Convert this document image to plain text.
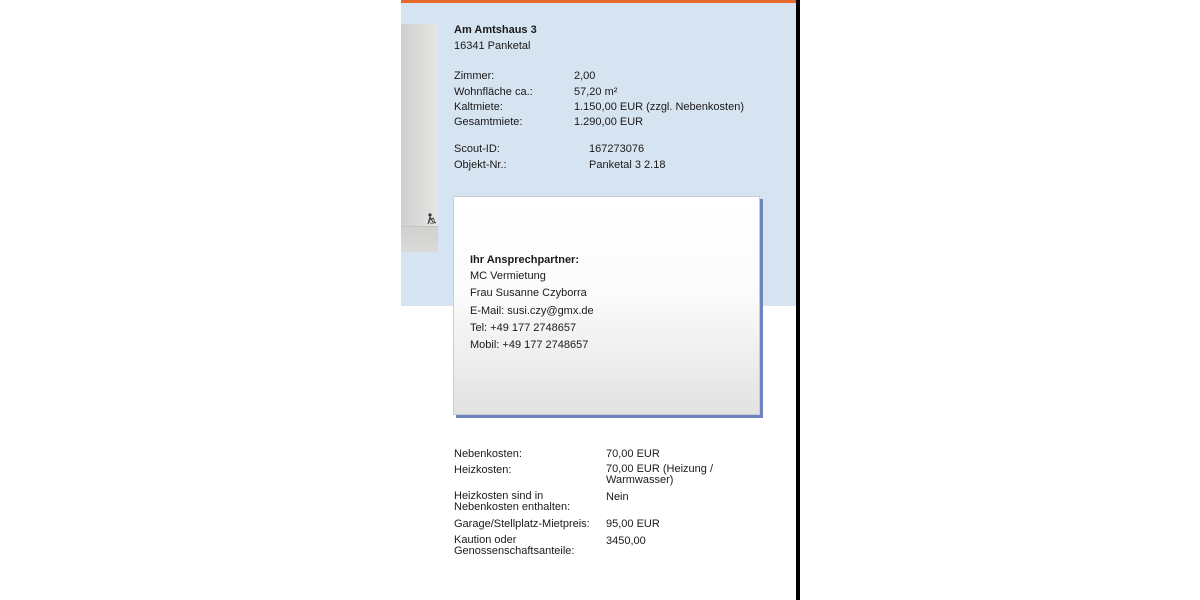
Am Amtshaus 3
16341 Panketal
Zimmer:	2,00
Wohnfläche ca.:	57,20 m²
Kaltmiete:	1.150,00 EUR (zzgl. Nebenkosten)
Gesamtmiete:	1.290,00 EUR
Scout-ID:	167273076
Objekt-Nr.:	Panketal 3 2.18
Ihr Ansprechpartner:
MC Vermietung
Frau Susanne Czyborra
E-Mail: susi.czy@gmx.de
Tel: +49 177 2748657
Mobil: +49 177 2748657
Nebenkosten:	70,00 EUR
Heizkosten:	70,00 EUR (Heizung / Warmwasser)
Heizkosten sind in Nebenkosten enthalten:
Nein
Garage/Stellplatz-Mietpreis: 95,00 EUR
Kaution oder Genossenschaftsanteile:
3450,00
